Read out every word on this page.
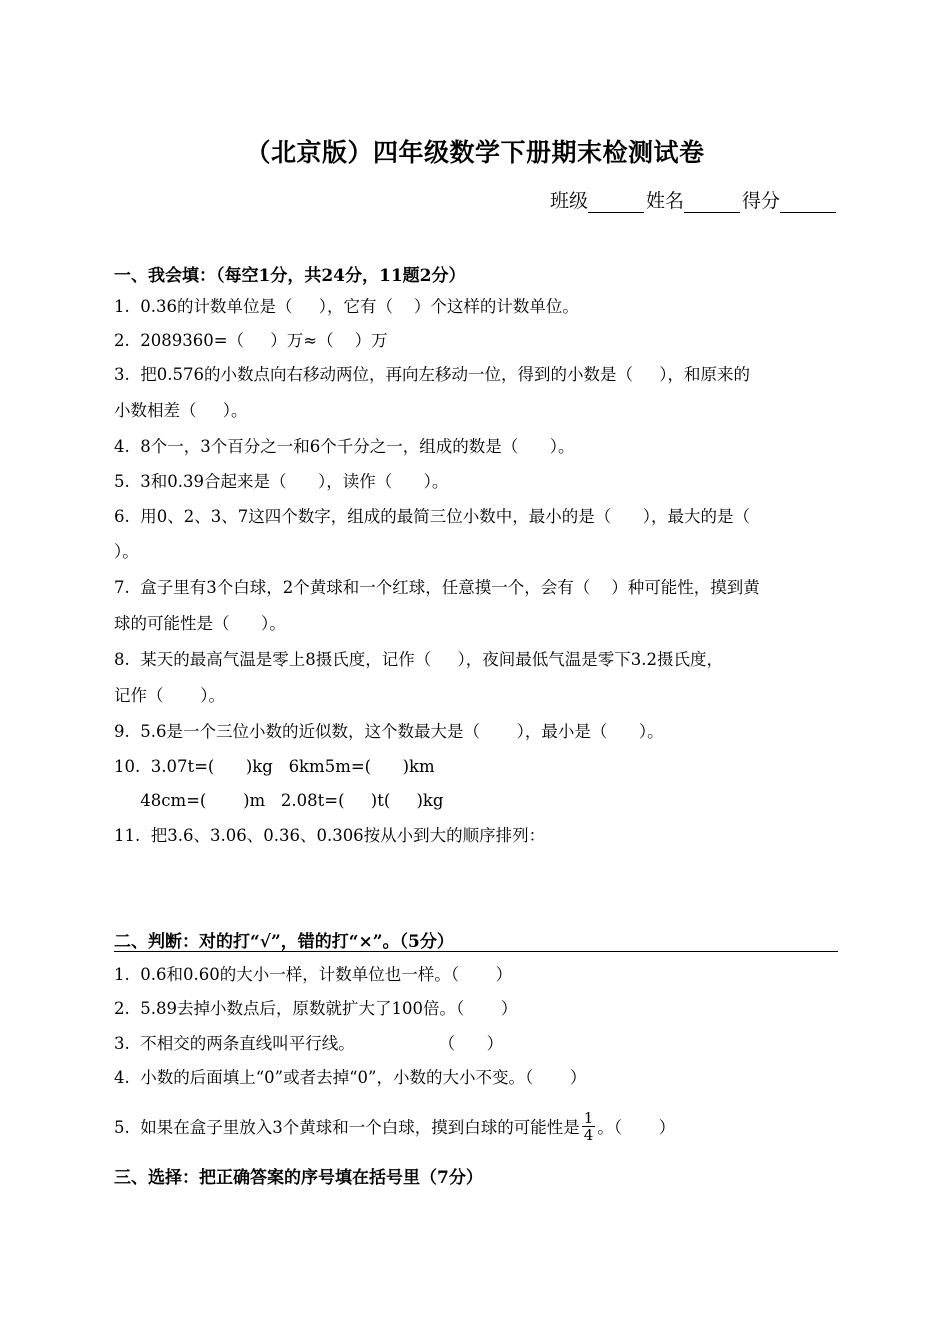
（北京版）四年级数学下册期末检测试卷
班级	姓名	得分
一、我会填：（每空1分，共24分，11题2分）
1.  0.36的计数单位是（     ），它有（    ）个这样的计数单位。
2.  2089360=（     ）万≈（    ）万
3.  把0.576的小数点向右移动两位，再向左移动一位，得到的小数是（     ），和原来的
小数相差（     ）。
4.  8个一，3个百分之一和6个千分之一，组成的数是（      ）。
5.  3和0.39合起来是（      ），读作（      ）。
6.  用0、2、3、7这四个数字，组成的最简三位小数中，最小的是（      ），最大的是（
）。
7.  盒子里有3个白球，2个黄球和一个红球，任意摸一个，会有（    ）种可能性，摸到黄
球的可能性是（      ）。
8.  某天的最高气温是零上8摄氏度，记作（     ），夜间最低气温是零下3.2摄氏度，
记作（       ）。
9.  5.6是一个三位小数的近似数，这个数最大是（       ），最小是（      ）。
10.  3.07t=(      )kg   6km5m=(      )km
48cm=(       )m   2.08t=(     )t(     )kg
11.  把3.6、3.06、0.36、0.306按从小到大的顺序排列：
二、判断：对的打“√”，错的打“×”。（5分）
1.  0.6和0.60的大小一样，计数单位也一样。（       ）
2.  5.89去掉小数点后，原数就扩大了100倍。（       ）
3.  不相交的两条直线叫平行线。                （      ）
4.  小数的后面填上“0”或者去掉“0”，小数的大小不变。（       ）
5.  如果在盒子里放入3个黄球和一个白球，摸到白球的可能性是 $\frac{1}{4}$ 。（       ）
三、选择：把正确答案的序号填在括号里（7分）
